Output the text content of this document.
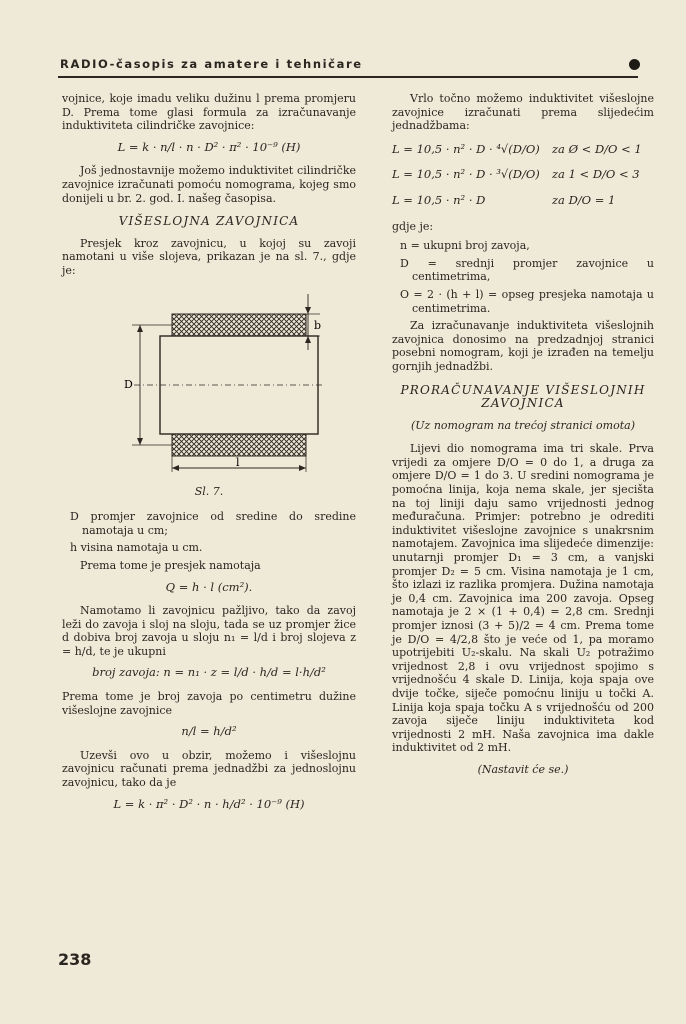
RADIO-časopis za amatere i tehničare

vojnice, koje imadu veliku dužinu l prema promjeru D. Prema tome glasi formula za izračunavanje induktiviteta cilindričke zavojnice:

L = k · n/l · n · D² · π² · 10⁻⁹ (H)

Još jednostavnije možemo induktivitet cilindričke zavojnice izračunati pomoću nomograma, kojeg smo donijeli u br. 2. god. I. našeg časopisa.

VIŠESLOJNA ZAVOJNICA

Presjek kroz zavojnicu, u kojoj su zavoji namotani u više slojeva, prikazan je na sl. 7., gdje je:

D
b
l
Sl. 7.

D promjer zavojnice od sredine do sredine namotaja u cm;

h visina namotaja u cm.

Prema tome je presjek namotaja

Q = h · l (cm²).

Namotamo li zavojnicu pažljivo, tako da zavoj leži do zavoja i sloj na sloju, tada se uz promjer žice d dobiva broj zavoja u sloju n₁ = l/d i broj slojeva z = h/d, te je ukupni

broj zavoja: n = n₁ · z = l/d · h/d = l·h/d²

Prema tome je broj zavoja po centimetru dužine višeslojne zavojnice

n/l = h/d²

Uzevši ovo u obzir, možemo i višeslojnu zavojnicu računati prema jednadžbi za jednoslojnu zavojnicu, tako da je

L = k · π² · D² · n · h/d² · 10⁻⁹ (H)

Vrlo točno možemo induktivitet višeslojne zavojnice izračunati prema slijedećim jednadžbama:

L = 10,5 · n² · D · ⁴√(D/O)	za Ø < D/O < 1
L = 10,5 · n² · D · ³√(D/O)	za 1 < D/O < 3
L = 10,5 · n² · D	za D/O = 1

gdje je:

n = ukupni broj zavoja,

D = srednji promjer zavojnice u centimetrima,

O = 2 · (h + l) = opseg presjeka namotaja u centimetrima.

Za izračunavanje induktiviteta višeslojnih zavojnica donosimo na predzadnjoj stranici posebni nomogram, koji je izrađen na temelju gornjih jednadžbi.

PRORAČUNAVANJE VIŠESLOJNIH ZAVOJNICA
(Uz nomogram na trećoj stranici omota)

Lijevi dio nomograma ima tri skale. Prva vrijedi za omjere D/O = 0 do 1, a druga za omjere D/O = 1 do 3. U sredini nomograma je pomoćna linija, koja nema skale, jer sjecišta na toj liniji daju samo vrijednosti jednog međuračuna. Primjer: potrebno je odrediti induktivitet višeslojne zavojnice s unakrsnim namotajem. Zavojnica ima slijedeće dimenzije: unutarnji promjer D₁ = 3 cm, a vanjski promjer D₂ = 5 cm. Visina namotaja je 1 cm, što izlazi iz razlika promjera. Dužina namotaja je 0,4 cm. Zavojnica ima 200 zavoja. Opseg namotaja je 2 × (1 + 0,4) = 2,8 cm. Srednji promjer iznosi (3 + 5)/2 = 4 cm. Prema tome je D/O = 4/2,8 što je veće od 1, pa moramo upotrijebiti U₂-skalu. Na skali U₂ potražimo vrijednost 2,8 i ovu vrijednost spojimo s vrijednošću 4 skale D. Linija, koja spaja ove dvije točke, siječe pomoćnu liniju u točki A. Linija koja spaja točku A s vrijednošću od 200 zavoja siječe liniju induktiviteta kod vrijednosti 2 mH. Naša zavojnica ima dakle induktivitet od 2 mH.

(Nastavit će se.)
238
